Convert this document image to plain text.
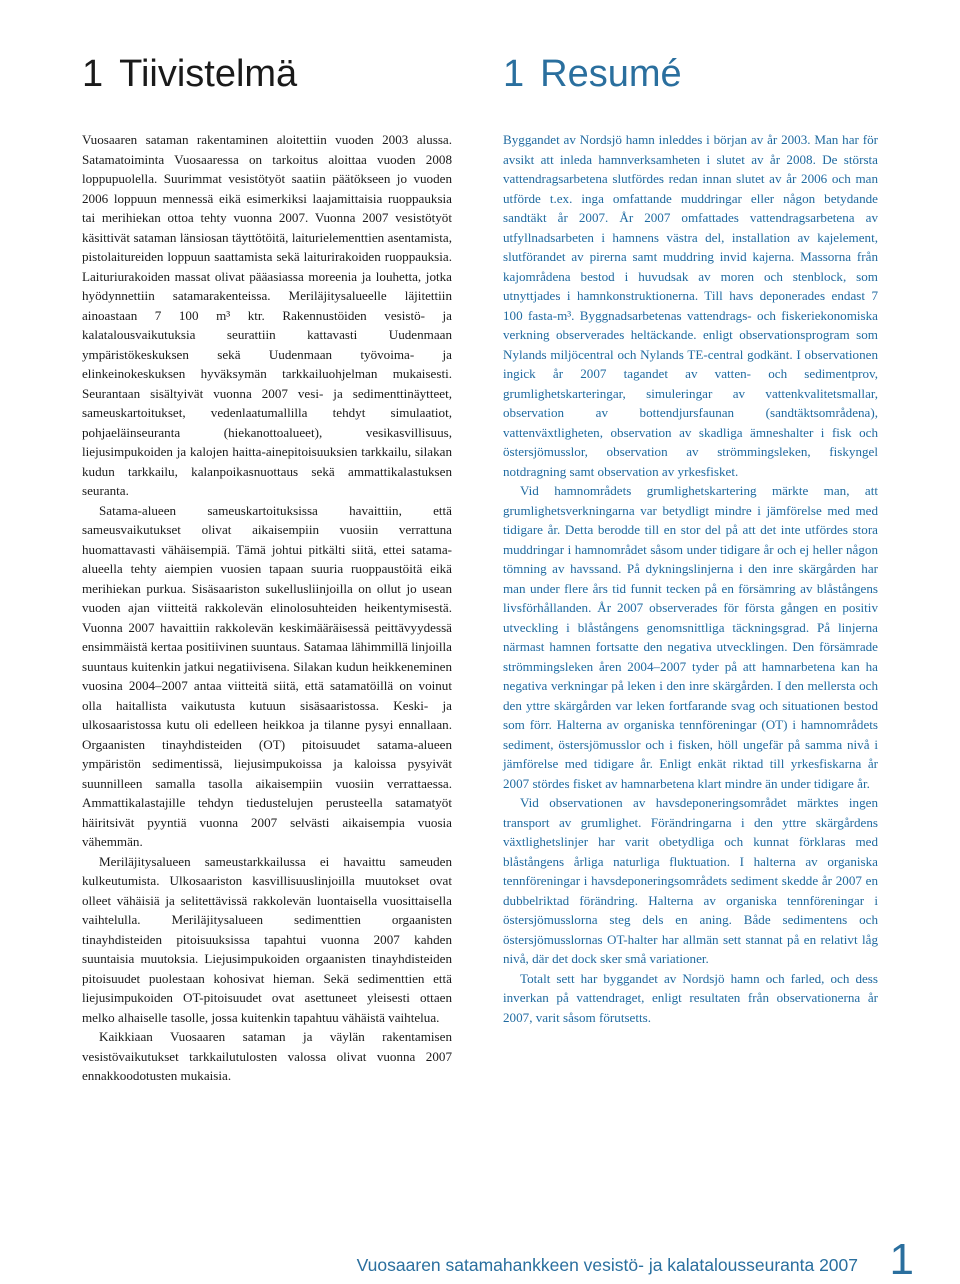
1 Tiivistelmä	1 Resumé

Vuosaaren sataman rakentaminen aloitettiin vuoden 2003 alussa. Satamatoiminta Vuosaaressa on tarkoitus aloittaa vuoden 2008 loppupuolella. Suurimmat vesistötyöt saatiin päätökseen jo vuoden 2006 loppuun mennessä eikä esimerkiksi laajamittaisia ruoppauksia tai merihiekan ottoa tehty vuonna 2007. Vuonna 2007 vesistötyöt käsittivät sataman länsiosan täyttötöitä, laiturielementtien asentamista, pistolaitureiden loppuun saattamista sekä laiturirakoiden ruoppauksia. Laituriurakoiden massat olivat pääasiassa moreenia ja louhetta, jotka hyödynnettiin satamarakenteissa. Meriläjitysalueelle läjitettiin ainoastaan 7 100 m³ ktr. Rakennustöiden vesistö- ja kalatalousvaikutuksia seurattiin kattavasti Uudenmaan ympäristökeskuksen sekä Uudenmaan työvoima- ja elinkeinokeskuksen hyväksymän tarkkailuohjelman mukaisesti. Seurantaan sisältyivät vuonna 2007 vesi- ja sedimenttinäytteet, sameuskartoitukset, vedenlaatumallilla tehdyt simulaatiot, pohjaeläinseuranta (hiekanottoalueet), vesikasvillisuus, liejusimpukoiden ja kalojen haitta-ainepitoisuuksien tarkkailu, silakan kudun tarkkailu, kalanpoikasnuottaus sekä ammattikalastuksen seuranta.

Satama-alueen sameuskartoituksissa havaittiin, että sameusvaikutukset olivat aikaisempiin vuosiin verrattuna huomattavasti vähäisempiä. Tämä johtui pitkälti siitä, ettei satama-alueella tehty aiempien vuosien tapaan suuria ruoppaustöitä eikä merihiekan purkua. Sisäsaariston sukellusliinjoilla on ollut jo usean vuoden ajan viitteitä rakkolevän elinolosuhteiden heikentymisestä. Vuonna 2007 havaittiin rakkolevän keskimääräisessä peittävyydessä ensimmäistä kertaa positiivinen suuntaus. Satamaa lähimmillä linjoilla suuntaus kuitenkin jatkui negatiivisena. Silakan kudun heikkeneminen vuosina 2004–2007 antaa viitteitä siitä, että satamatöillä on voinut olla haitallista vaikutusta kutuun sisäsaaristossa. Keski- ja ulkosaaristossa kutu oli edelleen heikkoa ja tilanne pysyi ennallaan. Orgaanisten tinayhdisteiden (OT) pitoisuudet satama-alueen ympäristön sedimentissä, liejusimpukoissa ja kaloissa pysyivät suunnilleen samalla tasolla aikaisempiin vuosiin verrattaessa. Ammattikalastajille tehdyn tiedustelujen perusteella satamatyöt häiritsivät pyyntiä vuonna 2007 selvästi aikaisempia vuosia vähemmän.

Meriläjitysalueen sameustarkkailussa ei havaittu sameuden kulkeutumista. Ulkosaariston kasvillisuuslinjoilla muutokset ovat olleet vähäisiä ja selitettävissä rakkolevän luontaisella vuosittaisella vaihtelulla. Meriläjitysalueen sedimenttien orgaanisten tinayhdisteiden pitoisuuksissa tapahtui vuonna 2007 kahden suuntaisia muutoksia. Liejusimpukoiden orgaanisten tinayhdisteiden pitoisuudet puolestaan kohosivat hieman. Sekä sedimenttien että liejusimpukoiden OT-pitoisuudet ovat asettuneet yleisesti ottaen melko alhaiselle tasolle, jossa kuitenkin tapahtuu vähäistä vaihtelua.

Kaikkiaan Vuosaaren sataman ja väylän rakentamisen vesistövaikutukset tarkkailutulosten valossa olivat vuonna 2007 ennakkoodotusten mukaisia.

Byggandet av Nordsjö hamn inleddes i början av år 2003. Man har för avsikt att inleda hamnverksamheten i slutet av år 2008. De största vattendragsarbetena slutfördes redan innan slutet av år 2006 och man utförde t.ex. inga omfattande muddringar eller någon betydande sandtäkt år 2007. År 2007 omfattades vattendragsarbetena av utfyllnadsarbeten i hamnens västra del, installation av kajelement, slutförandet av pirerna samt muddring invid kajerna. Massorna från kajområdena bestod i huvudsak av moren och stenblock, som utnyttjades i hamnkonstruktionerna. Till havs deponerades endast 7 100 fasta-m³. Byggnadsarbetenas vattendrags- och fiskeriekonomiska verkning observerades heltäckande. enligt observationsprogram som Nylands miljöcentral och Nylands TE-central godkänt. I observationen ingick år 2007 tagandet av vatten- och sedimentprov, grumlighetskarteringar, simuleringar av vattenkvalitetsmallar, observation av bottendjursfaunan (sandtäktsområdena), vattenväxtligheten, observation av skadliga ämneshalter i fisk och östersjömusslor, observation av strömmingsleken, fiskyngel notdragning samt observation av yrkesfisket.

Vid hamnområdets grumlighetskartering märkte man, att grumlighetsverkningarna var betydligt mindre i jämförelse med med tidigare år. Detta berodde till en stor del på att det inte utfördes stora muddringar i hamnområdet såsom under tidigare år och ej heller någon tömning av havssand. På dykningslinjerna i den inre skärgården har man under flere års tid funnit tecken på en försämring av blåstångens livsförhållanden. År 2007 observerades för första gången en positiv utveckling i blåstångens genomsnittliga täckningsgrad. På linjerna närmast hamnen fortsatte den negativa utvecklingen. Den försämrade strömmingsleken åren 2004–2007 tyder på att hamnarbetena kan ha negativa verkningar på leken i den inre skärgården. I den mellersta och den yttre skärgården var leken fortfarande svag och situationen bestod som förr. Halterna av organiska tennföreningar (OT) i hamnområdets sediment, östersjömusslor och i fisken, höll ungefär på samma nivå i jämförelse med tidigare år. Enligt enkät riktad till yrkesfiskarna år 2007 stördes fisket av hamnarbetena klart mindre än under tidigare år.

Vid observationen av havsdeponeringsområdet märktes ingen transport av grumlighet. Förändringarna i den yttre skärgårdens växtlighetslinjer har varit obetydliga och kunnat förklaras med blåstångens årliga naturliga fluktuation. I halterna av organiska tennföreningar i havsdeponeringsområdets sediment skedde år 2007 en dubbelriktad förändring. Halterna av organiska tennföreningar i östersjömusslorna steg dels en aning. Både sedimentens och östersjömusslornas OT-halter har allmän sett stannat på en relativt låg nivå, där det dock sker små variationer.

Totalt sett har byggandet av Nordsjö hamn och farled, och dess inverkan på vattendraget, enligt resultaten från observationerna år 2007, varit såsom förutsetts.

Vuosaaren satamahankkeen vesistö- ja kalatalousseuranta 2007 1
